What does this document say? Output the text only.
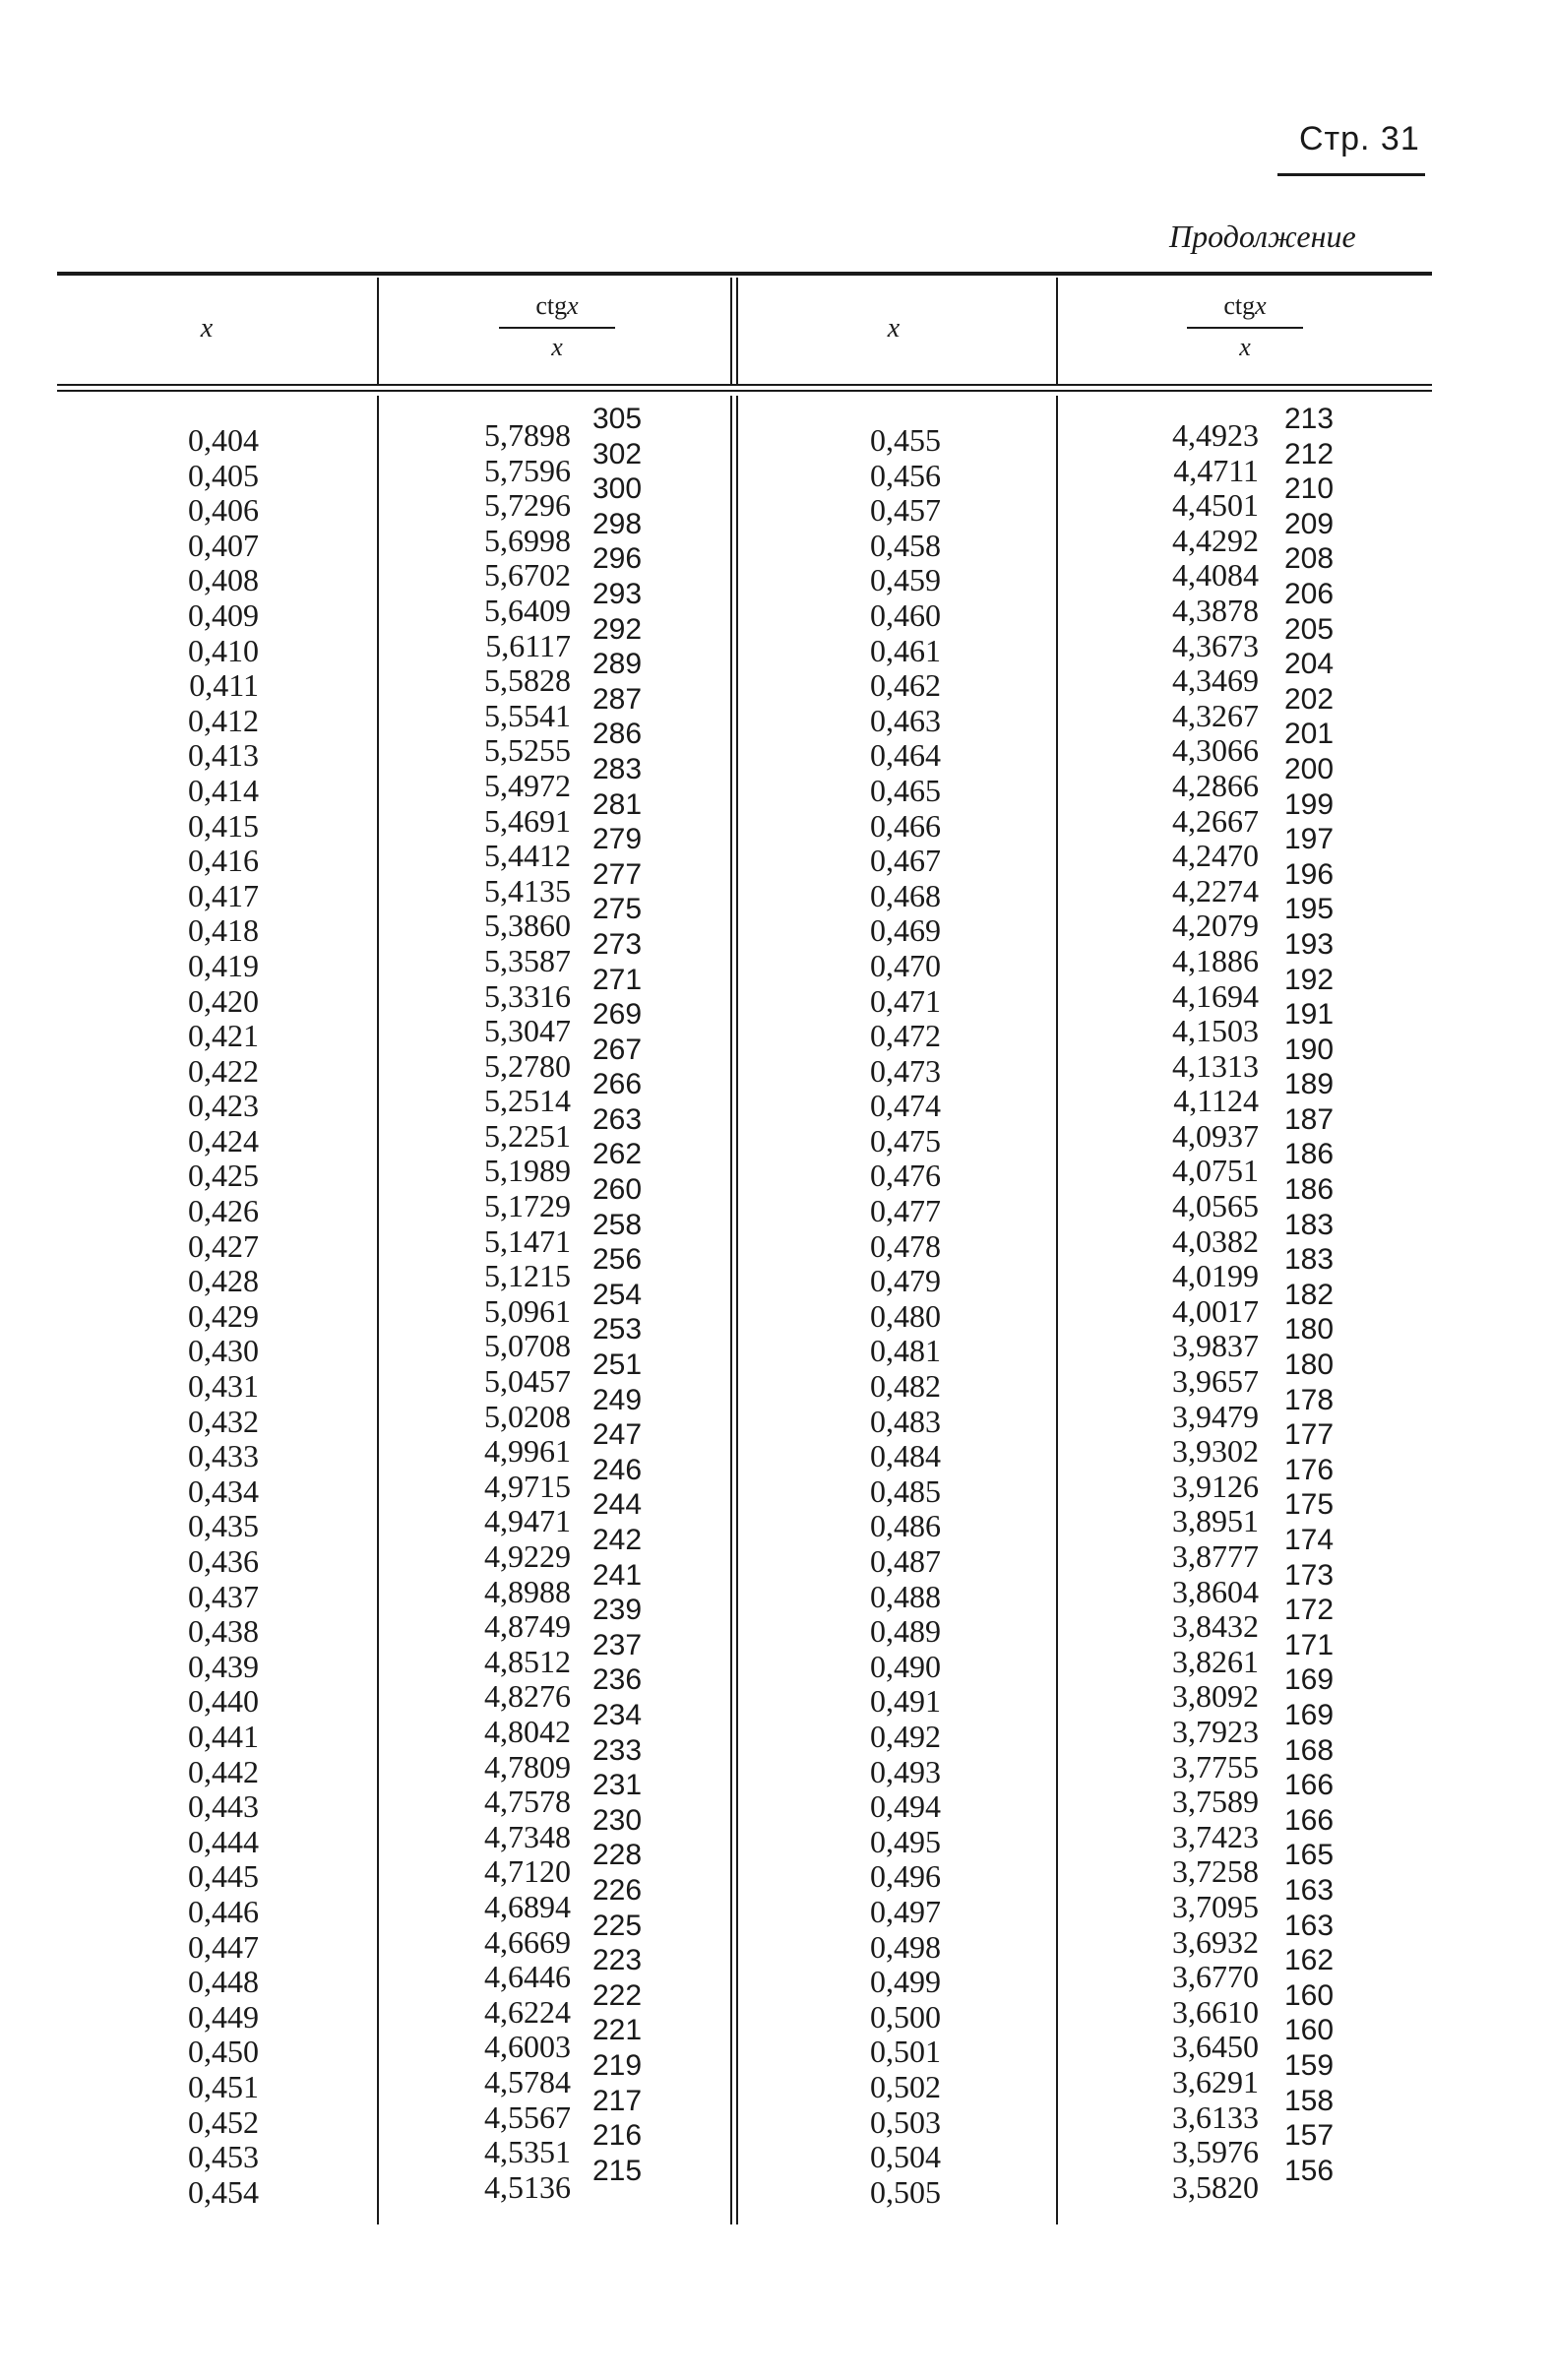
Стр. 31
Продолжение
x
ctgx
x
x
ctgx
x
0,404
0,405
0,406
0,407
0,408
0,409
0,410
0,411
0,412
0,413
0,414
0,415
0,416
0,417
0,418
0,419
0,420
0,421
0,422
0,423
0,424
0,425
0,426
0,427
0,428
0,429
0,430
0,431
0,432
0,433
0,434
0,435
0,436
0,437
0,438
0,439
0,440
0,441
0,442
0,443
0,444
0,445
0,446
0,447
0,448
0,449
0,450
0,451
0,452
0,453
0,454
5,7898
5,7596
5,7296
5,6998
5,6702
5,6409
5,6117
5,5828
5,5541
5,5255
5,4972
5,4691
5,4412
5,4135
5,3860
5,3587
5,3316
5,3047
5,2780
5,2514
5,2251
5,1989
5,1729
5,1471
5,1215
5,0961
5,0708
5,0457
5,0208
4,9961
4,9715
4,9471
4,9229
4,8988
4,8749
4,8512
4,8276
4,8042
4,7809
4,7578
4,7348
4,7120
4,6894
4,6669
4,6446
4,6224
4,6003
4,5784
4,5567
4,5351
4,5136
305
302
300
298
296
293
292
289
287
286
283
281
279
277
275
273
271
269
267
266
263
262
260
258
256
254
253
251
249
247
246
244
242
241
239
237
236
234
233
231
230
228
226
225
223
222
221
219
217
216
215
0,455
0,456
0,457
0,458
0,459
0,460
0,461
0,462
0,463
0,464
0,465
0,466
0,467
0,468
0,469
0,470
0,471
0,472
0,473
0,474
0,475
0,476
0,477
0,478
0,479
0,480
0,481
0,482
0,483
0,484
0,485
0,486
0,487
0,488
0,489
0,490
0,491
0,492
0,493
0,494
0,495
0,496
0,497
0,498
0,499
0,500
0,501
0,502
0,503
0,504
0,505
4,4923
4,4711
4,4501
4,4292
4,4084
4,3878
4,3673
4,3469
4,3267
4,3066
4,2866
4,2667
4,2470
4,2274
4,2079
4,1886
4,1694
4,1503
4,1313
4,1124
4,0937
4,0751
4,0565
4,0382
4,0199
4,0017
3,9837
3,9657
3,9479
3,9302
3,9126
3,8951
3,8777
3,8604
3,8432
3,8261
3,8092
3,7923
3,7755
3,7589
3,7423
3,7258
3,7095
3,6932
3,6770
3,6610
3,6450
3,6291
3,6133
3,5976
3,5820
213
212
210
209
208
206
205
204
202
201
200
199
197
196
195
193
192
191
190
189
187
186
186
183
183
182
180
180
178
177
176
175
174
173
172
171
169
169
168
166
166
165
163
163
162
160
160
159
158
157
156
